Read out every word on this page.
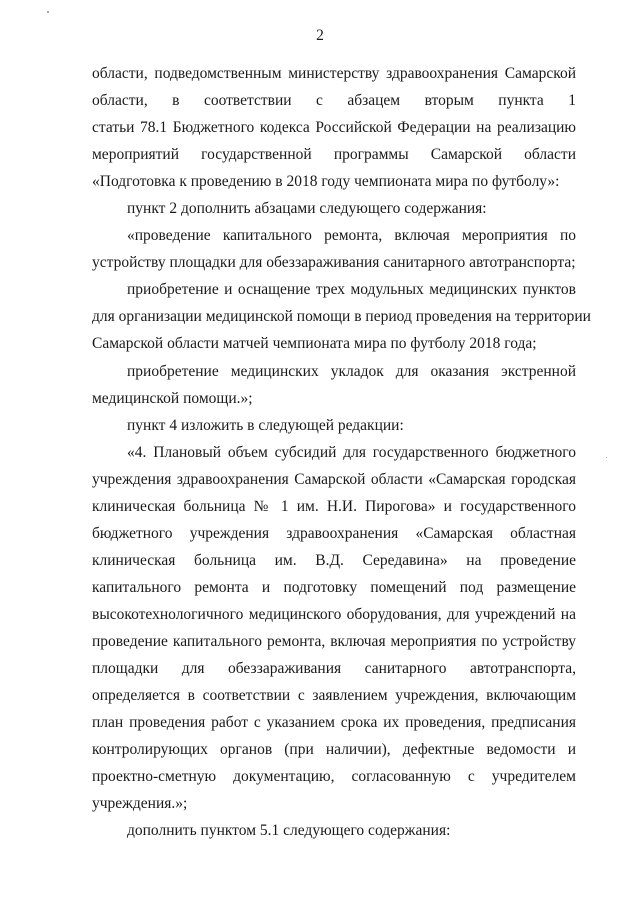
2
области, подведомственным министерству здравоохранения Самарской
области, в соответствии с абзацем вторым пункта 1
статьи 78.1 Бюджетного кодекса Российской Федерации на реализацию
мероприятий государственной программы Самарской области
«Подготовка к проведению в 2018 году чемпионата мира по футболу»:
пункт 2 дополнить абзацами следующего содержания:
«проведение капитального ремонта, включая мероприятия по
устройству площадки для обеззараживания санитарного автотранспорта;
приобретение и оснащение трех модульных медицинских пунктов
для организации медицинской помощи в период проведения на территории
Самарской области матчей чемпионата мира по футболу 2018 года;
приобретение медицинских укладок для оказания экстренной
медицинской помощи.»;
пункт 4 изложить в следующей редакции:
«4. Плановый объем субсидий для государственного бюджетного
учреждения здравоохранения Самарской области «Самарская городская
клиническая больница № 1 им. Н.И. Пирогова» и государственного
бюджетного учреждения здравоохранения «Самарская областная
клиническая больница им. В.Д. Середавина» на проведение
капитального ремонта и подготовку помещений под размещение
высокотехнологичного медицинского оборудования, для учреждений на
проведение капитального ремонта, включая мероприятия по устройству
площадки для обеззараживания санитарного автотранспорта,
определяется в соответствии с заявлением учреждения, включающим
план проведения работ с указанием срока их проведения, предписания
контролирующих органов (при наличии), дефектные ведомости и
проектно-сметную документацию, согласованную с учредителем
учреждения.»;
дополнить пунктом 5.1 следующего содержания:
